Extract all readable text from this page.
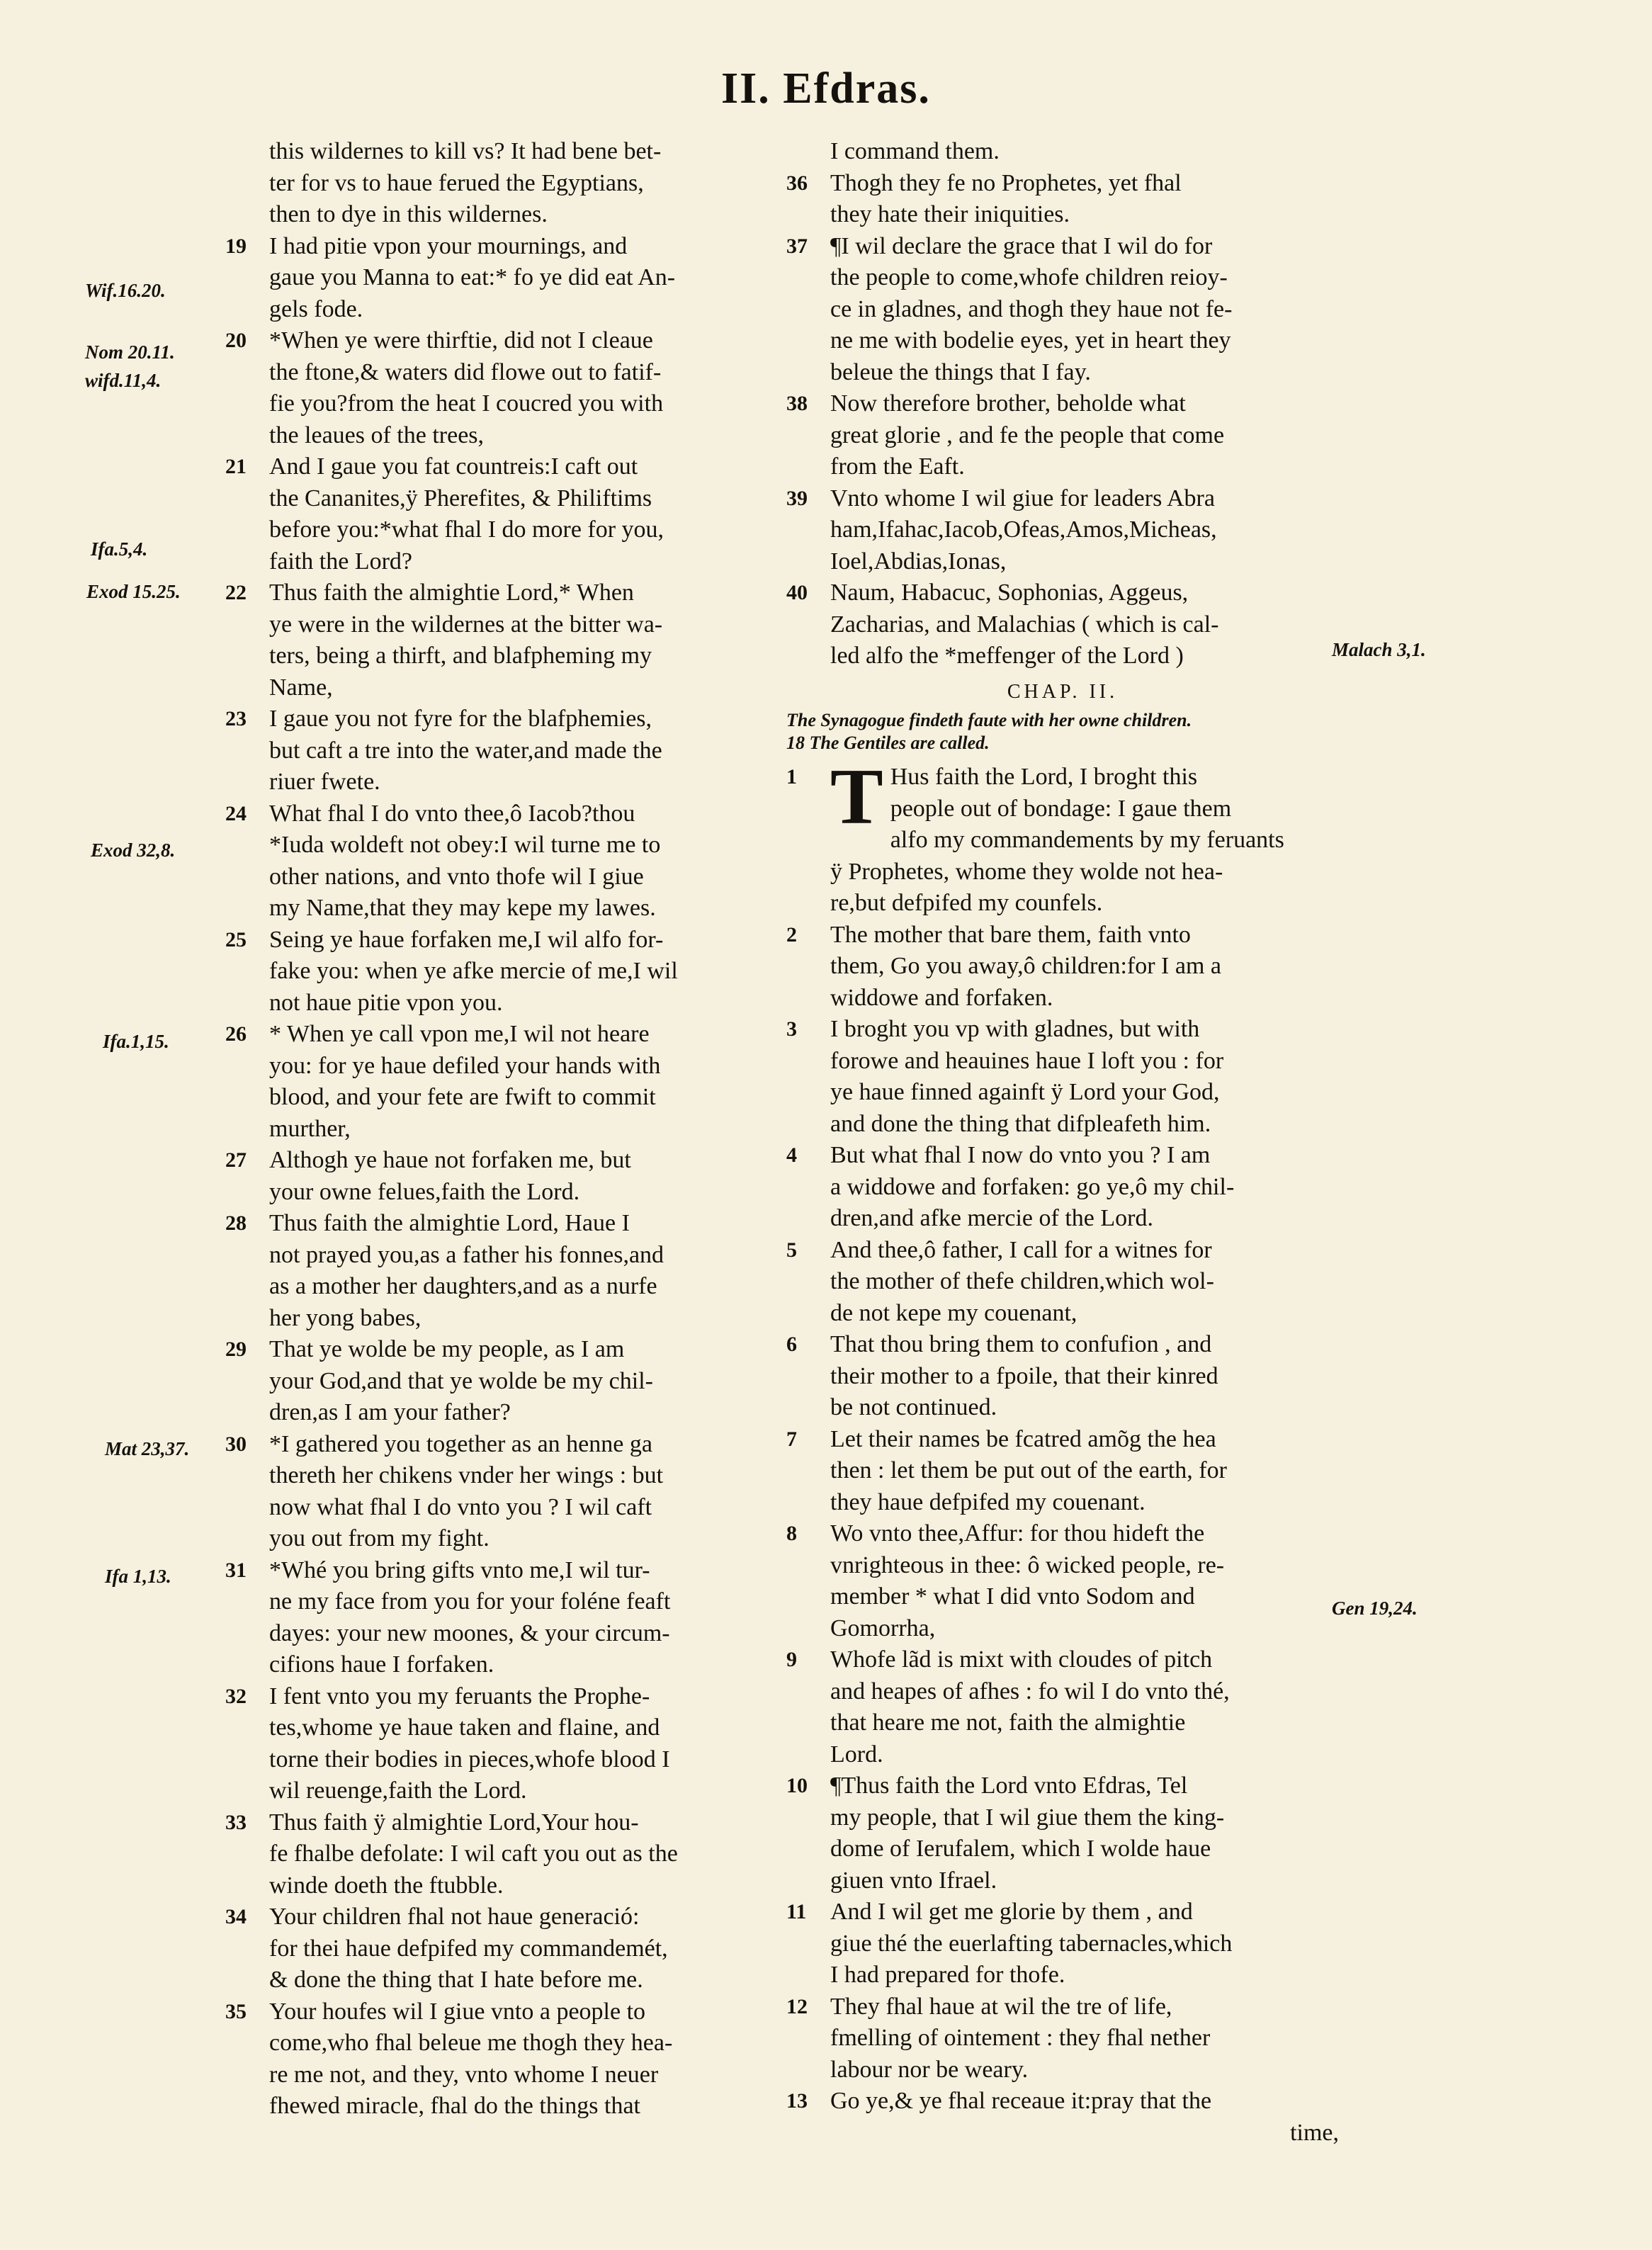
II. Efdras.
this wildernes to kill vs? It had bene bet-
ter for vs to haue ferued the Egyptians,
then to dye in this wildernes.
19 I had pitie vpon your mournings, and
gaue you Manna to eat:* fo ye did eat An-
gels fode.
20 *When ye were thirftie, did not I cleaue
the ftone,& waters did flowe out to fatif-
fie you?from the heat I coucred you with
the leaues of the trees,
21 And I gaue you fat countreis:I caft out
the Cananites,ÿ Pherefites, & Philiftims
before you:*what fhal I do more for you,
faith the Lord?
22 Thus faith the almightie Lord,* When
ye were in the wildernes at the bitter wa-
ters, being a thirft, and blafpheming my
Name,
23 I gaue you not fyre for the blafphemies,
but caft a tre into the water,and made the
riuer fwete.
24 What fhal I do vnto thee,ô Iacob?thou
*Iuda woldeft not obey:I wil turne me to
other nations, and vnto thofe wil I giue
my Name,that they may kepe my lawes.
25 Seing ye haue forfaken me,I wil alfo for-
fake you: when ye afke mercie of me,I wil
not haue pitie vpon you.
26 * When ye call vpon me,I wil not heare
you: for ye haue defiled your hands with
blood, and your fete are fwift to commit
murther,
27 Althogh ye haue not forfaken me, but
your owne felues,faith the Lord.
28 Thus faith the almightie Lord, Haue I
not prayed you,as a father his fonnes,and
as a mother her daughters,and as a nurfe
her yong babes,
29 That ye wolde be my people, as I am
your God,and that ye wolde be my chil-
dren,as I am your father?
30 *I gathered you together as an henne ga
thereth her chikens vnder her wings : but
now what fhal I do vnto you ? I wil caft
you out from my fight.
31 *Whé you bring gifts vnto me,I wil tur-
ne my face from you for your foléne feaft
dayes: your new moones, & your circum-
cifions haue I forfaken.
32 I fent vnto you my feruants the Prophe-
tes,whome ye haue taken and flaine, and
torne their bodies in pieces,whofe blood I
wil reuenge,faith the Lord.
33 Thus faith ÿ almightie Lord,Your hou-
fe fhalbe defolate: I wil caft you out as the
winde doeth the ftubble.
34 Your children fhal not haue generació:
for thei haue defpifed my commandemét,
& done the thing that I hate before me.
35 Your houfes wil I giue vnto a people to
come,who fhal beleue me thogh they hea-
re me not, and they, vnto whome I neuer
fhewed miracle, fhal do the things that
I command them.
36 Thogh they fe no Prophetes, yet fhal
they hate their iniquities.
37 ¶I wil declare the grace that I wil do for
the people to come,whofe children reioy-
ce in gladnes, and thogh they haue not fe-
ne me with bodelie eyes, yet in heart they
beleue the things that I fay.
38 Now therefore brother, beholde what
great glorie , and fe the people that come
from the Eaft.
39 Vnto whome I wil giue for leaders Abra
ham,Ifahac,Iacob,Ofeas,Amos,Micheas,
Ioel,Abdias,Ionas,
40 Naum, Habacuc, Sophonias, Aggeus,
Zacharias, and Malachias ( which is cal-
led alfo the *meffenger of the Lord )
CHAP. II.
The Synagogue findeth faute with her owne children.
18 The Gentiles are called.
1 T Hus faith the Lord, I broght this
people out of bondage: I gaue them
alfo my commandements by my feruants
ÿ Prophetes, whome they wolde not hea-
re,but defpifed my counfels.
2	The mother that bare them, faith vnto
them, Go you away,ô children:for I am a
widdowe and forfaken.
3	I broght you vp with gladnes, but with
forowe and heauines haue I loft you : for
ye haue finned againft ÿ Lord your God,
and done the thing that difpleafeth him.
4	But what fhal I now do vnto you ? I am
a widdowe and forfaken: go ye,ô my chil-
dren,and afke mercie of the Lord.
5	And thee,ô father, I call for a witnes for
the mother of thefe children,which wol-
de not kepe my couenant,
6	That thou bring them to confufion , and
their mother to a fpoile, that their kinred
be not continued.
7	Let their names be fcatred amõg the hea
then : let them be put out of the earth, for
they haue defpifed my couenant.
8	Wo vnto thee,Affur: for thou hideft the
vnrighteous in thee: ô wicked people, re-
member * what I did vnto Sodom and
Gomorrha,
9	Whofe lãd is mixt with cloudes of pitch
and heapes of afhes : fo wil I do vnto thé,
that heare me not, faith the almightie
Lord.
10 ¶Thus faith the Lord vnto Efdras, Tel
my people, that I wil giue them the king-
dome of Ierufalem, which I wolde haue
giuen vnto Ifrael.
11 And I wil get me glorie by them , and
giue thé the euerlafting tabernacles,which
I had prepared for thofe.
12 They fhal haue at wil the tre of life,
fmelling of ointement : they fhal nether
labour nor be weary.
13 Go ye,& ye fhal receaue it:pray that the
time,
Wif.16.20.
Nom 20.11.
wifd.11,4.
Ifa.5,4.
Exod 15.25.
Exod 32,8.
Ifa.1,15.
Mat 23,37.
Ifa 1,13.
Malach 3,1.
Gen 19,24.
